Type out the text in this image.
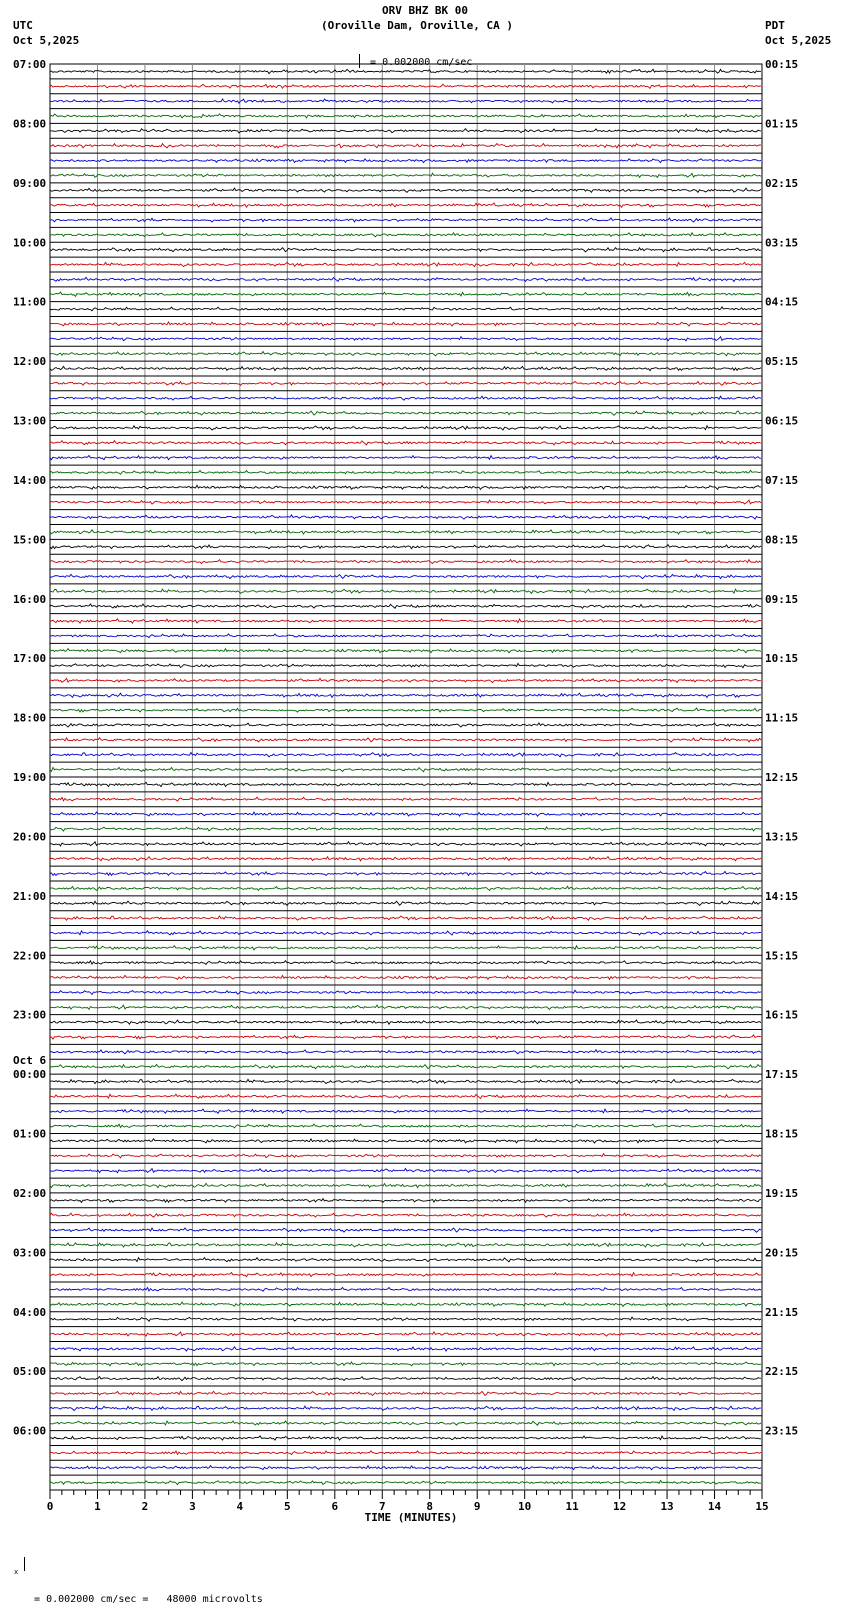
ORV BHZ BK 00
(Oroville Dam, Oroville, CA )
UTC
Oct 5,2025
PDT
Oct 5,2025

= 0.002000 cm/sec

x

= 0.002000 cm/sec =   48000 microvolts

07:00
08:00
09:00
10:00
11:00
12:00
13:00
14:00
15:00
16:00
17:00
18:00
19:00
20:00
21:00
22:00
23:00
00:00
01:00
02:00
03:00
04:00
05:00
06:00
Oct 6
00:15
01:15
02:15
03:15
04:15
05:15
06:15
07:15
08:15
09:15
10:15
11:15
12:15
13:15
14:15
15:15
16:15
17:15
18:15
19:15
20:15
21:15
22:15
23:15
0	1	2	3	4	5	6	7	8	9	10	11	12	13	14	15
TIME (MINUTES)
